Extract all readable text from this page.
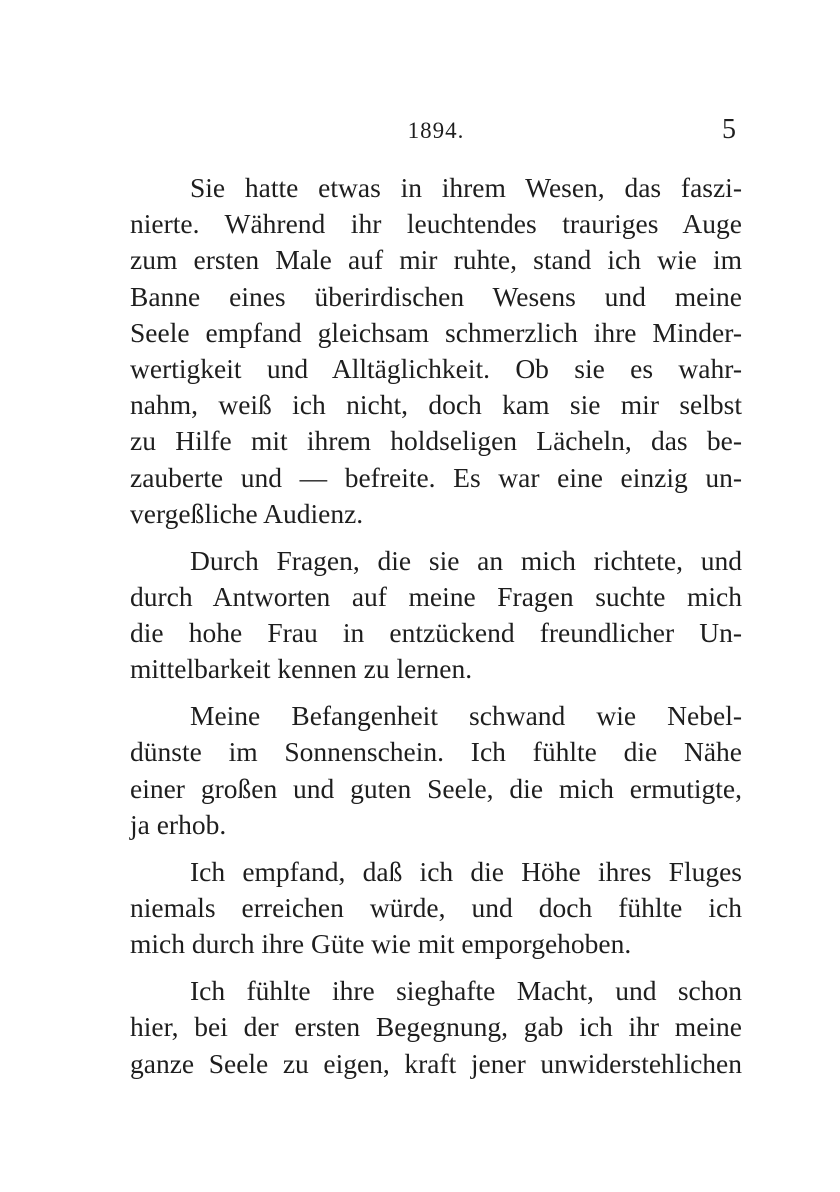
1894.	5
Sie hatte etwas in ihrem Wesen, das faszi-
nierte. Während ihr leuchtendes trauriges Auge
zum ersten Male auf mir ruhte, stand ich wie im
Banne eines überirdischen Wesens und meine
Seele empfand gleichsam schmerzlich ihre Minder-
wertigkeit und Alltäglichkeit. Ob sie es wahr-
nahm, weiß ich nicht, doch kam sie mir selbst
zu Hilfe mit ihrem holdseligen Lächeln, das be-
zauberte und — befreite. Es war eine einzig un-
vergeßliche Audienz.
Durch Fragen, die sie an mich richtete, und
durch Antworten auf meine Fragen suchte mich
die hohe Frau in entzückend freundlicher Un-
mittelbarkeit kennen zu lernen.
Meine Befangenheit schwand wie Nebel-
dünste im Sonnenschein. Ich fühlte die Nähe
einer großen und guten Seele, die mich ermutigte,
ja erhob.
Ich empfand, daß ich die Höhe ihres Fluges
niemals erreichen würde, und doch fühlte ich
mich durch ihre Güte wie mit emporgehoben.
Ich fühlte ihre sieghafte Macht, und schon
hier, bei der ersten Begegnung, gab ich ihr meine
ganze Seele zu eigen, kraft jener unwiderstehlichen
